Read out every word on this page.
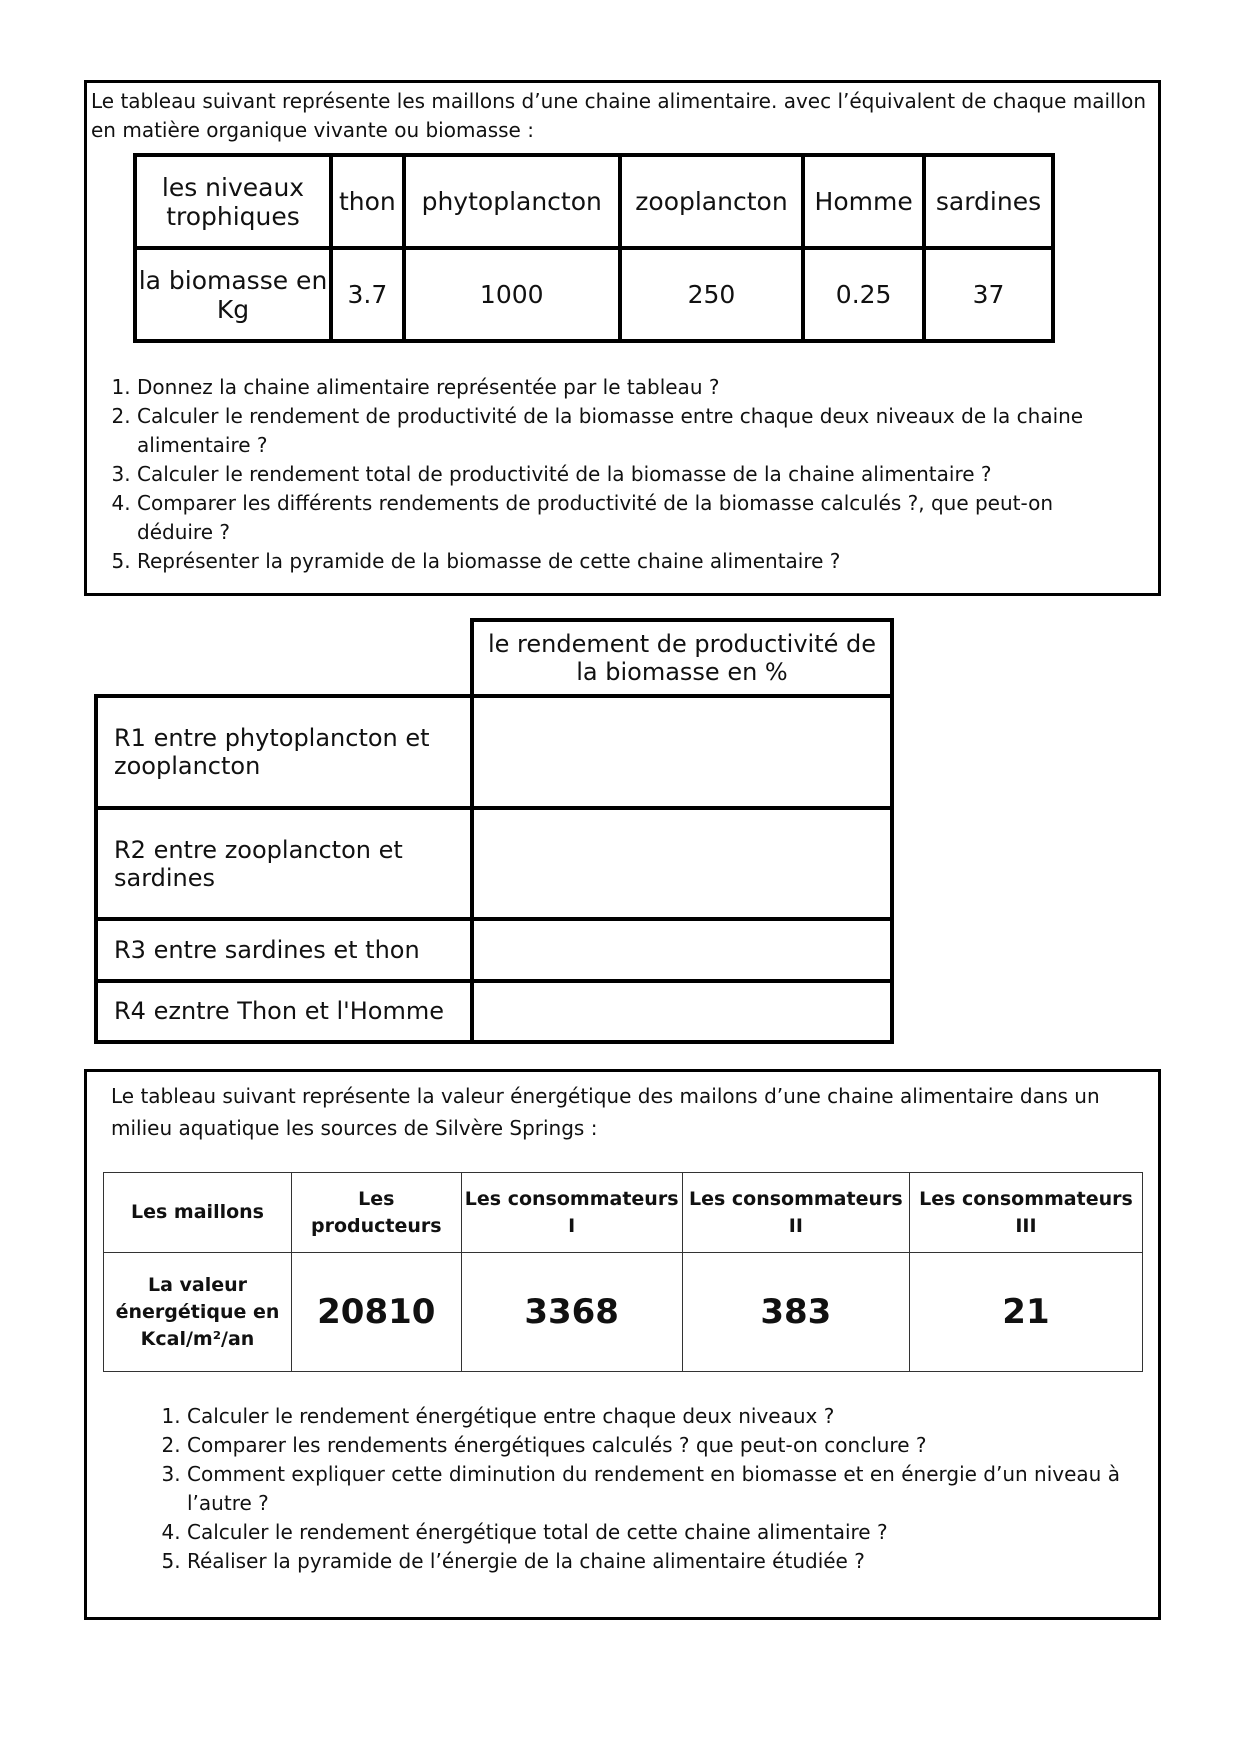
Le tableau suivant représente les maillons d’une chaine alimentaire. avec l’équivalent de chaque maillon en matière organique vivante ou biomasse :
les niveaux trophiques	thon	phytoplancton	zooplancton	Homme	sardines
la biomasse en Kg	3.7	1000	250	0.25	37
1. Donnez la chaine alimentaire représentée par le tableau ?
2. Calculer le rendement de productivité de la biomasse entre chaque deux niveaux de la chaine alimentaire ?
3. Calculer le rendement total de productivité de la biomasse de la chaine alimentaire ?
4. Comparer les différents rendements de productivité de la biomasse calculés ?, que peut-on déduire ?
5. Représenter la pyramide de la biomasse de cette chaine alimentaire ?
	le rendement de productivité de la biomasse en %
R1 entre phytoplancton et zooplancton	
R2 entre zooplancton et sardines	
R3 entre sardines et thon	
R4 ezntre Thon et l'Homme	
Le tableau suivant représente la valeur énergétique des mailons d’une chaine alimentaire dans un milieu aquatique les sources de Silvère Springs :
Les maillons	Les producteurs	Les consommateurs I	Les consommateurs II	Les consommateurs III
La valeur énergétique en Kcal/m²/an	20810	3368	383	21
1. Calculer le rendement énergétique entre chaque deux niveaux ?
2. Comparer les rendements énergétiques calculés ? que peut-on conclure ?
3. Comment expliquer cette diminution du rendement en biomasse et en énergie d’un niveau à l’autre ?
4. Calculer le rendement énergétique total de cette chaine alimentaire ?
5. Réaliser la pyramide de l’énergie de la chaine alimentaire étudiée ?
